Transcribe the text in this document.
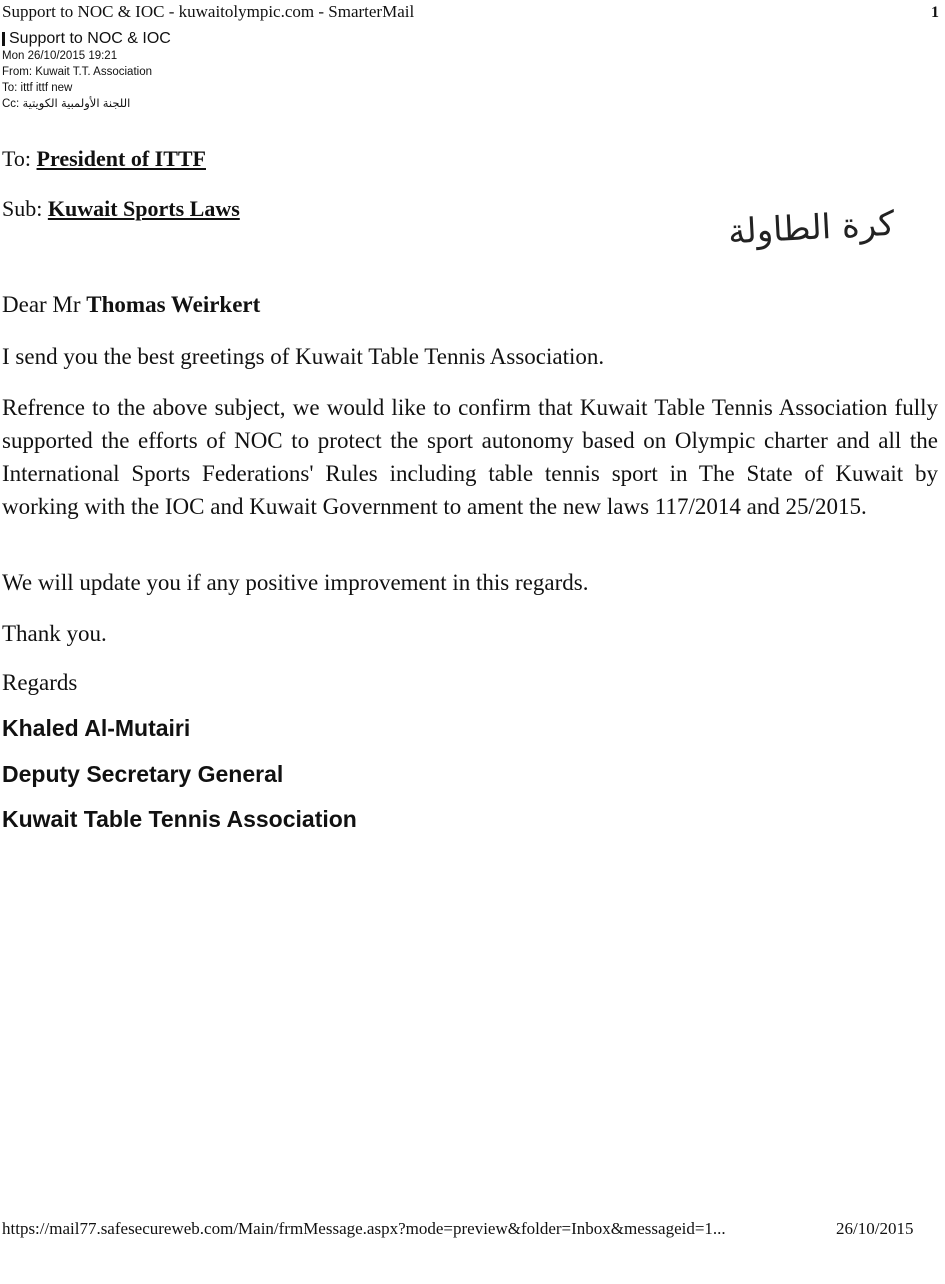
Support to NOC & IOC - kuwaitolympic.com - SmarterMail	1
Support to NOC & IOC
Mon 26/10/2015 19:21
From: Kuwait T.T. Association
To: ittf ittf new
Cc: اللجنة الأولمبية الكويتية
To: President of ITTF
Sub: Kuwait Sports Laws	كرة الطاولة
Dear Mr Thomas Weirkert
I send you the best greetings of Kuwait Table Tennis Association.
Refrence to the above subject, we would like to confirm that Kuwait Table Tennis Association fully supported the efforts of NOC to protect the sport autonomy based on Olympic charter and all the International Sports Federations' Rules including table tennis sport in The State of Kuwait by working with the IOC and Kuwait Government to ament the new laws 117/2014 and 25/2015.
We will update you if any positive improvement in this regards.
Thank you.
Regards
Khaled Al-Mutairi
Deputy Secretary General
Kuwait Table Tennis Association
https://mail77.safesecureweb.com/Main/frmMessage.aspx?mode=preview&folder=Inbox&messageid=1...	26/10/2015
